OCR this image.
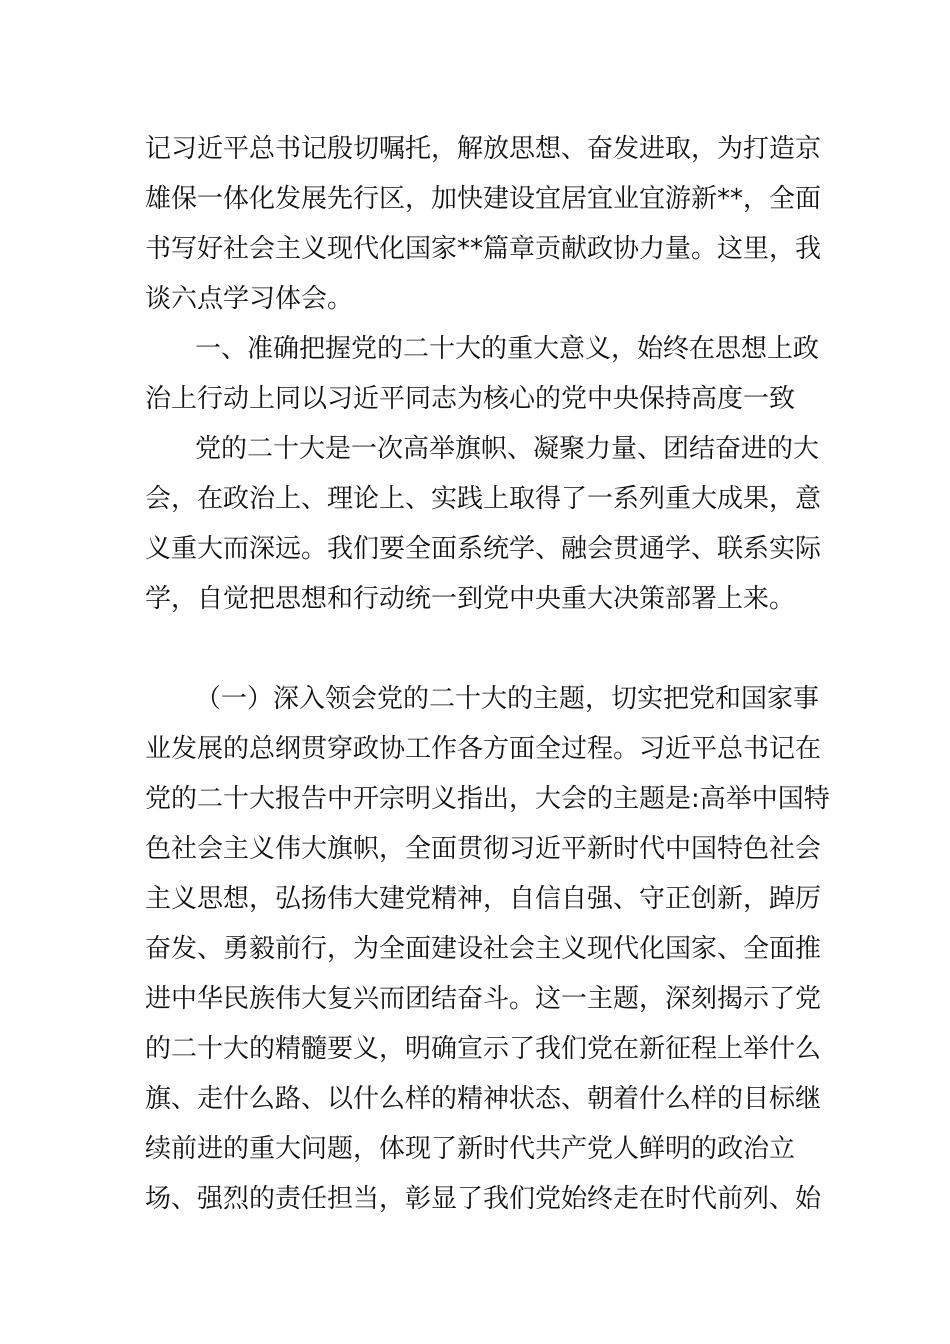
记习近平总书记殷切嘱托，解放思想、奋发进取，为打造京

雄保一体化发展先行区，加快建设宜居宜业宜游新**，全面

书写好社会主义现代化国家**篇章贡献政协力量。这里，我

谈六点学习体会。

一、准确把握党的二十大的重大意义，始终在思想上政

治上行动上同以习近平同志为核心的党中央保持高度一致

党的二十大是一次高举旗帜、凝聚力量、团结奋进的大

会，在政治上、理论上、实践上取得了一系列重大成果，意

义重大而深远。我们要全面系统学、融会贯通学、联系实际

学，自觉把思想和行动统一到党中央重大决策部署上来。

（一）深入领会党的二十大的主题，切实把党和国家事

业发展的总纲贯穿政协工作各方面全过程。习近平总书记在

党的二十大报告中开宗明义指出，大会的主题是:高举中国特

色社会主义伟大旗帜，全面贯彻习近平新时代中国特色社会

主义思想，弘扬伟大建党精神，自信自强、守正创新，踔厉

奋发、勇毅前行，为全面建设社会主义现代化国家、全面推

进中华民族伟大复兴而团结奋斗。这一主题，深刻揭示了党

的二十大的精髓要义，明确宣示了我们党在新征程上举什么

旗、走什么路、以什么样的精神状态、朝着什么样的目标继

续前进的重大问题，体现了新时代共产党人鲜明的政治立

场、强烈的责任担当，彰显了我们党始终走在时代前列、始
